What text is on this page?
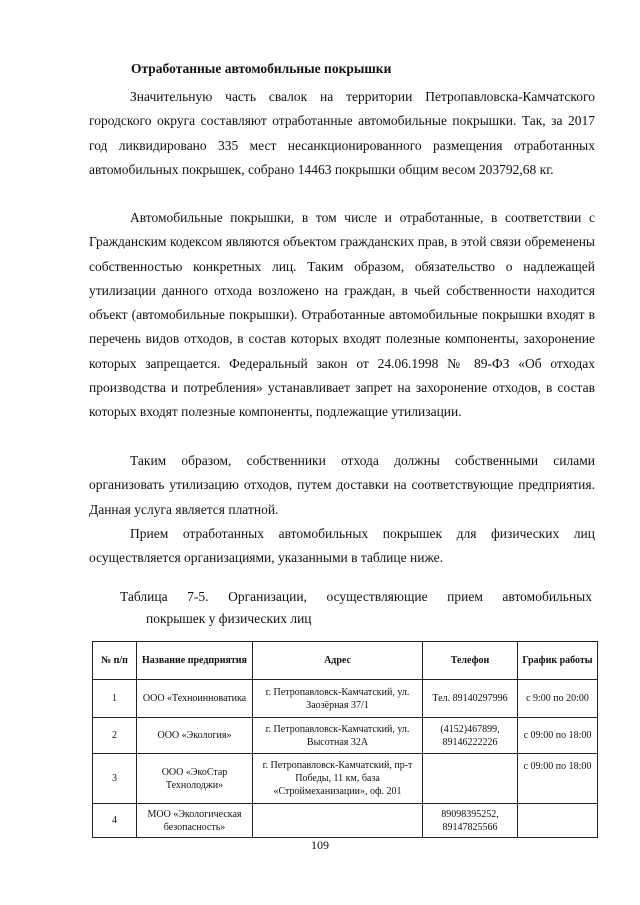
Отработанные автомобильные покрышки

Значительную часть свалок на территории Петропавловска-Камчатского городского округа составляют отработанные автомобильные покрышки. Так, за 2017 год ликвидировано 335 мест несанкционированного размещения отработанных автомобильных покрышек, собрано 14463 покрышки общим весом 203792,68 кг.

Автомобильные покрышки, в том числе и отработанные, в соответствии с Гражданским кодексом являются объектом гражданских прав, в этой связи обременены собственностью конкретных лиц. Таким образом, обязательство о надлежащей утилизации данного отхода возложено на граждан, в чьей собственности находится объект (автомобильные покрышки). Отработанные автомобильные покрышки входят в перечень видов отходов, в состав которых входят полезные компоненты, захоронение которых запрещается. Федеральный закон от 24.06.1998 № 89-ФЗ «Об отходах производства и потребления» устанавливает запрет на захоронение отходов, в состав которых входят полезные компоненты, подлежащие утилизации.

Таким образом, собственники отхода должны собственными силами организовать утилизацию отходов, путем доставки на соответствующие предприятия. Данная услуга является платной.

Прием отработанных автомобильных покрышек для физических лиц осуществляется организациями, указанными в таблице ниже.

Таблица 7-5. Организации, осуществляющие прием автомобильных

покрышек у физических лиц

№ п/п	Название предприятия	Адрес	Телефон	График работы
1	ООО «Техноинноватика	г. Петропавловск-Камчатский, ул. Заозёрная 37/1	Тел. 89140297996	с 9:00 по 20:00
2	ООО «Экология»	г. Петропавловск-Камчатский, ул. Высотная 32А	(4152)467899, 89146222226	с 09:00 по 18:00
3	ООО «ЭкоСтар Технолоджи»	г. Петропавловск-Камчатский, пр-т Победы, 11 км, база «Строймеханизации», оф. 201		с 09:00 по 18:00
4	МОО «Экологическая безопасность»		89098395252, 89147825566	
109
